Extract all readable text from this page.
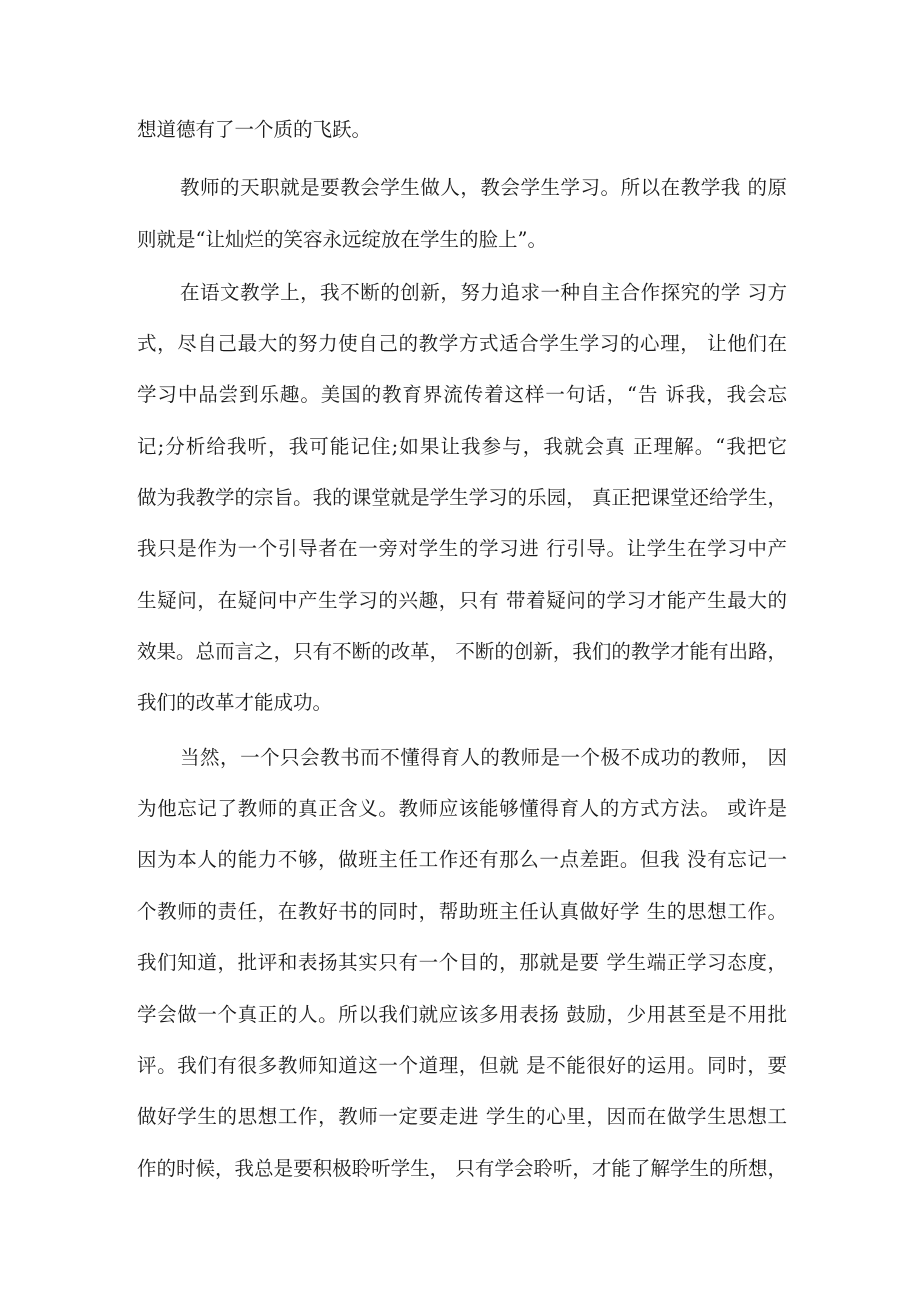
想道德有了一个质的飞跃。
教师的天职就是要教会学生做人，教会学生学习。所以在教学我 的原
则就是“让灿烂的笑容永远绽放在学生的脸上”。
在语文教学上，我不断的创新，努力追求一种自主合作探究的学 习方
式，尽自己最大的努力使自己的教学方式适合学生学习的心理， 让他们在
学习中品尝到乐趣。美国的教育界流传着这样一句话，“告 诉我，我会忘
记;分析给我听，我可能记住;如果让我参与，我就会真 正理解。“我把它
做为我教学的宗旨。我的课堂就是学生学习的乐园， 真正把课堂还给学生，
我只是作为一个引导者在一旁对学生的学习进 行引导。让学生在学习中产
生疑问，在疑问中产生学习的兴趣，只有 带着疑问的学习才能产生最大的
效果。总而言之，只有不断的改革， 不断的创新，我们的教学才能有出路，
我们的改革才能成功。
当然，一个只会教书而不懂得育人的教师是一个极不成功的教师， 因
为他忘记了教师的真正含义。教师应该能够懂得育人的方式方法。 或许是
因为本人的能力不够，做班主任工作还有那么一点差距。但我 没有忘记一
个教师的责任，在教好书的同时，帮助班主任认真做好学 生的思想工作。
我们知道，批评和表扬其实只有一个目的，那就是要 学生端正学习态度，
学会做一个真正的人。所以我们就应该多用表扬 鼓励，少用甚至是不用批
评。我们有很多教师知道这一个道理，但就 是不能很好的运用。同时，要
做好学生的思想工作，教师一定要走进 学生的心里，因而在做学生思想工
作的时候，我总是要积极聆听学生， 只有学会聆听，才能了解学生的所想，
